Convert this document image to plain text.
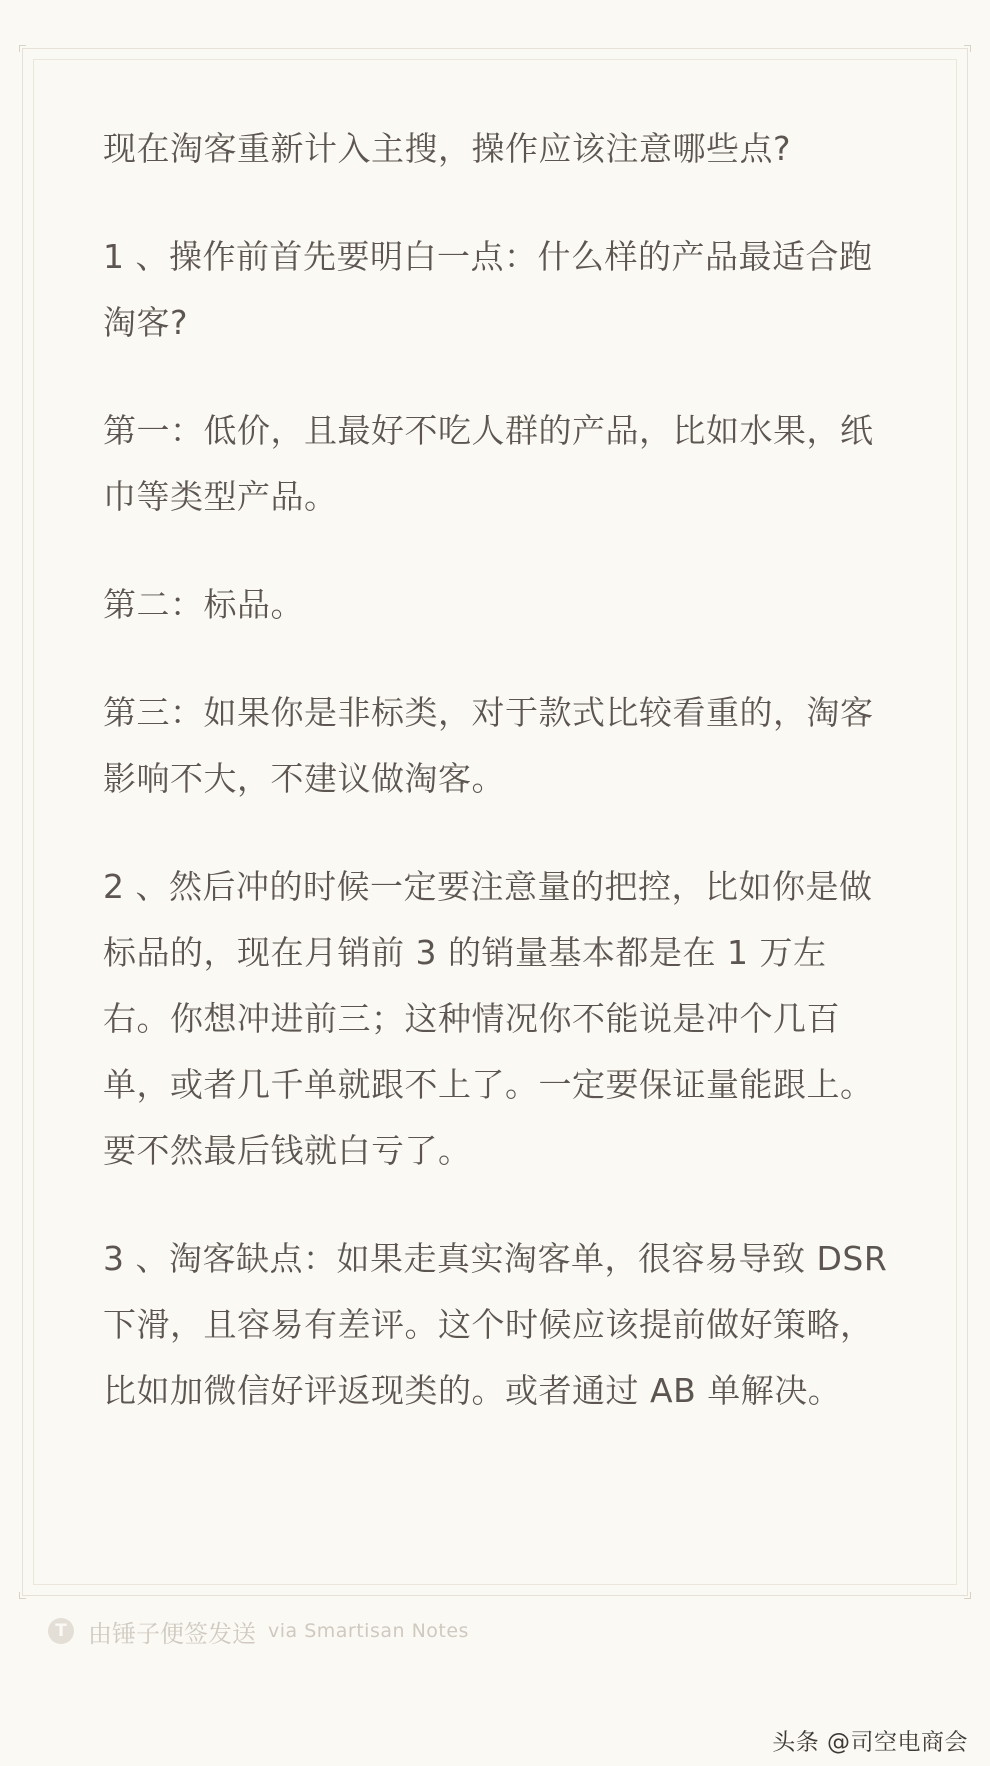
现在淘客重新计入主搜，操作应该注意哪些点?

1 、操作前首先要明白一点：什么样的产品最适合跑淘客?

第一：低价，且最好不吃人群的产品，比如水果，纸巾等类型产品。

第二：标品。

第三：如果你是非标类，对于款式比较看重的，淘客影响不大，不建议做淘客。

2 、然后冲的时候一定要注意量的把控，比如你是做标品的，现在月销前 3 的销量基本都是在 1 万左右。你想冲进前三；这种情况你不能说是冲个几百单，或者几千单就跟不上了。一定要保证量能跟上。要不然最后钱就白亏了。

3 、淘客缺点：如果走真实淘客单，很容易导致 DSR 下滑，且容易有差评。这个时候应该提前做好策略，比如加微信好评返现类的。或者通过 AB 单解决。

T 由锤子便签发送 via Smartisan Notes
头条 @司空电商会
